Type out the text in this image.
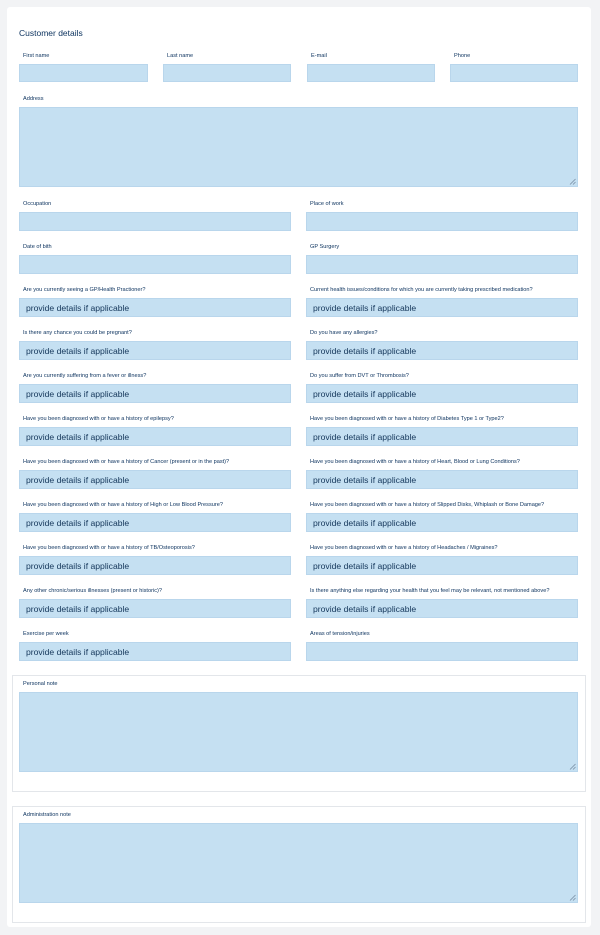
Customer details
First name	Last name	E-mail	Phone
Address
Occupation	Place of work
Date of bith	GP Surgery
Are you currently seeing a GP/Health Practioner?
provide details if applicable
Current health issues/conditions for which you are currently taking prescribed medication?
provide details if applicable
Is there any chance you could be pregnant?
provide details if applicable
Do you have any allergies?
provide details if applicable
Are you currently suffering from a fever or illness?
provide details if applicable
Do you suffer from DVT or Thrombosis?
provide details if applicable
Have you been diagnosed with or have a history of epilepsy?
provide details if applicable
Have you been diagnosed with or have a history of Diabetes Type 1 or Type2?
provide details if applicable
Have you been diagnosed with or have a history of Cancer (present or in the past)?
provide details if applicable
Have you been diagnosed with or have a history of Heart, Blood or Lung Conditions?
provide details if applicable
Have you been diagnosed with or have a history of High or Low Blood Pressure?
provide details if applicable
Have you been diagnosed with or have a history of Slipped Disks, Whiplash or Bone Damage?
provide details if applicable
Have you been diagnosed with or have a history of TB/Osteoporosis?
provide details if applicable
Have you been diagnosed with or have a history of Headaches / Migraines?
provide details if applicable
Any other chronic/serious illnesses (present or historic)?
provide details if applicable
Is there anything else regarding your health that you feel may be relevant, not mentioned above?
provide details if applicable
Exercise per week
provide details if applicable
Areas of tension/injuries
Personal note
Administration note
